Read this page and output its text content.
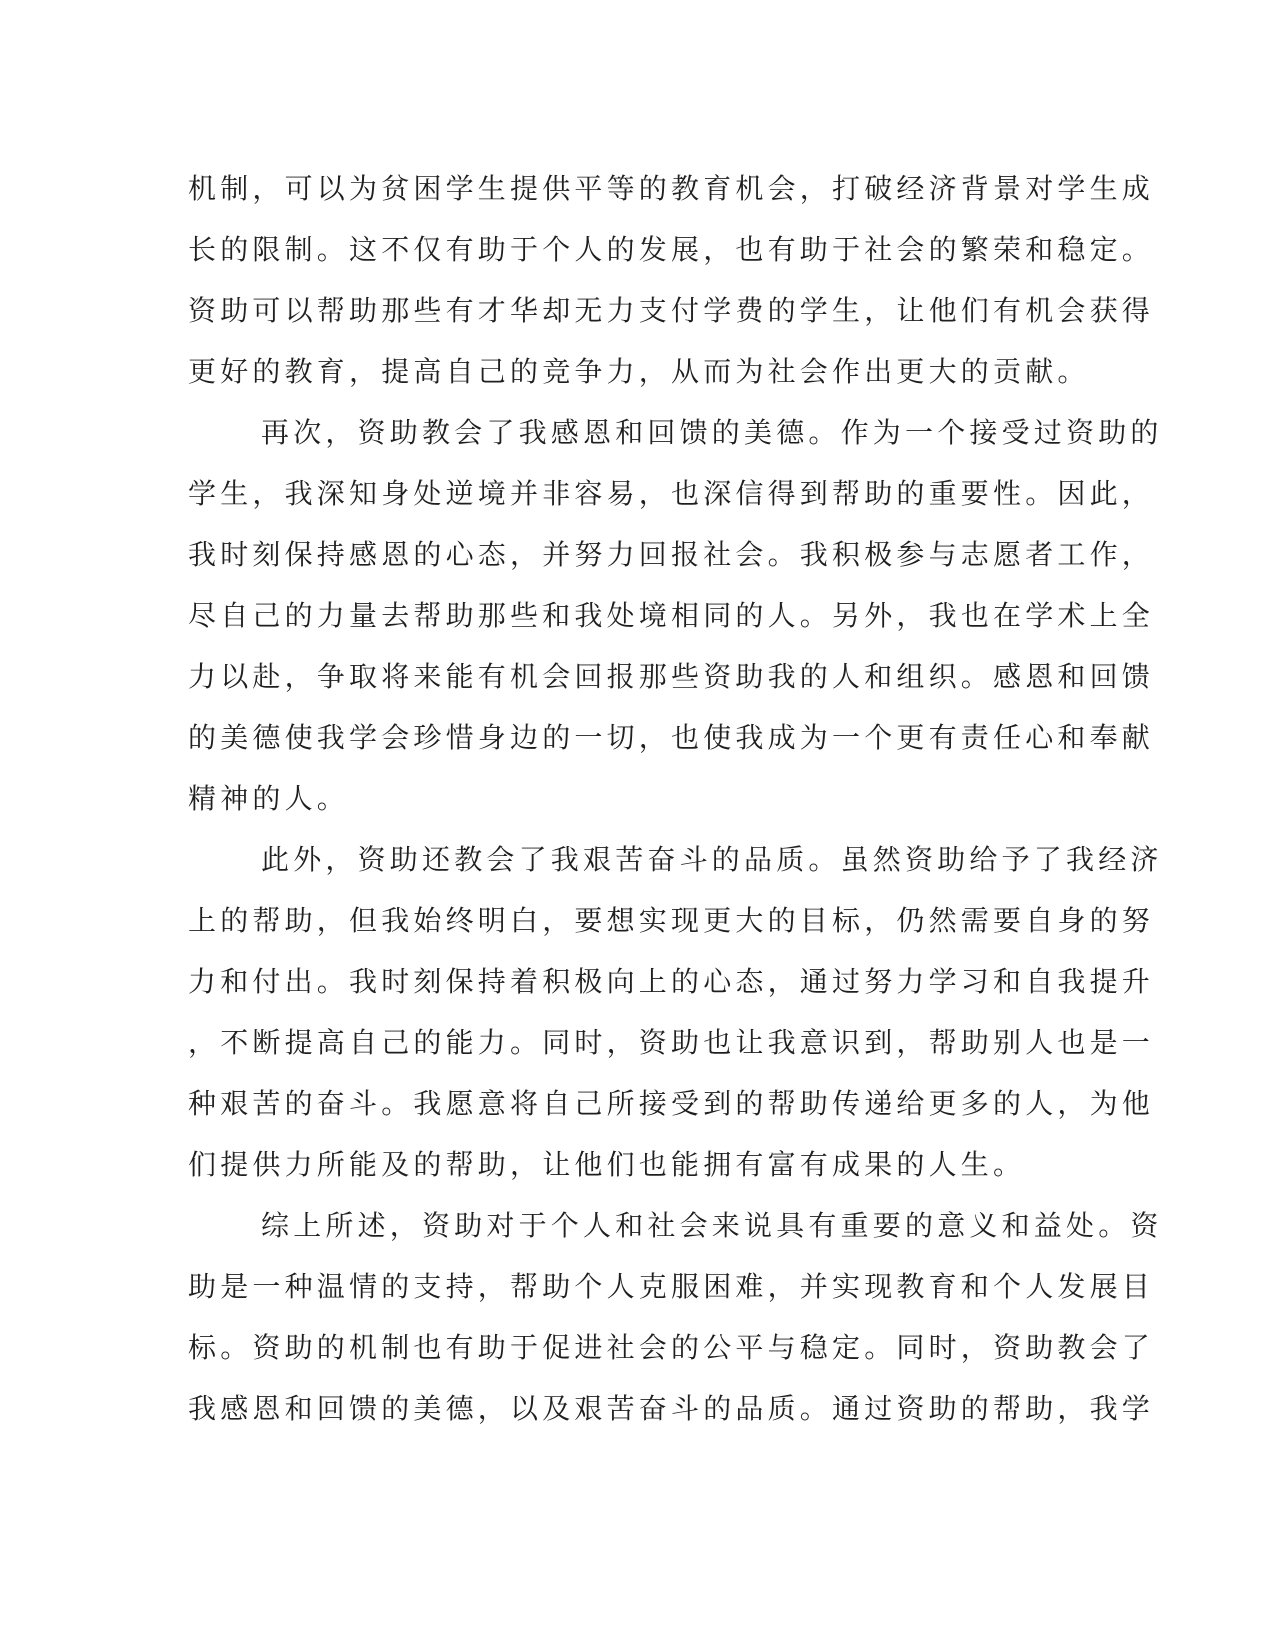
机制，可以为贫困学生提供平等的教育机会，打破经济背景对学生成
长的限制。这不仅有助于个人的发展，也有助于社会的繁荣和稳定。
资助可以帮助那些有才华却无力支付学费的学生，让他们有机会获得
更好的教育，提高自己的竞争力，从而为社会作出更大的贡献。
再次，资助教会了我感恩和回馈的美德。作为一个接受过资助的
学生，我深知身处逆境并非容易，也深信得到帮助的重要性。因此，
我时刻保持感恩的心态，并努力回报社会。我积极参与志愿者工作，
尽自己的力量去帮助那些和我处境相同的人。另外，我也在学术上全
力以赴，争取将来能有机会回报那些资助我的人和组织。感恩和回馈
的美德使我学会珍惜身边的一切，也使我成为一个更有责任心和奉献
精神的人。
此外，资助还教会了我艰苦奋斗的品质。虽然资助给予了我经济
上的帮助，但我始终明白，要想实现更大的目标，仍然需要自身的努
力和付出。我时刻保持着积极向上的心态，通过努力学习和自我提升
，不断提高自己的能力。同时，资助也让我意识到，帮助别人也是一
种艰苦的奋斗。我愿意将自己所接受到的帮助传递给更多的人，为他
们提供力所能及的帮助，让他们也能拥有富有成果的人生。
综上所述，资助对于个人和社会来说具有重要的意义和益处。资
助是一种温情的支持，帮助个人克服困难，并实现教育和个人发展目
标。资助的机制也有助于促进社会的公平与稳定。同时，资助教会了
我感恩和回馈的美德，以及艰苦奋斗的品质。通过资助的帮助，我学
